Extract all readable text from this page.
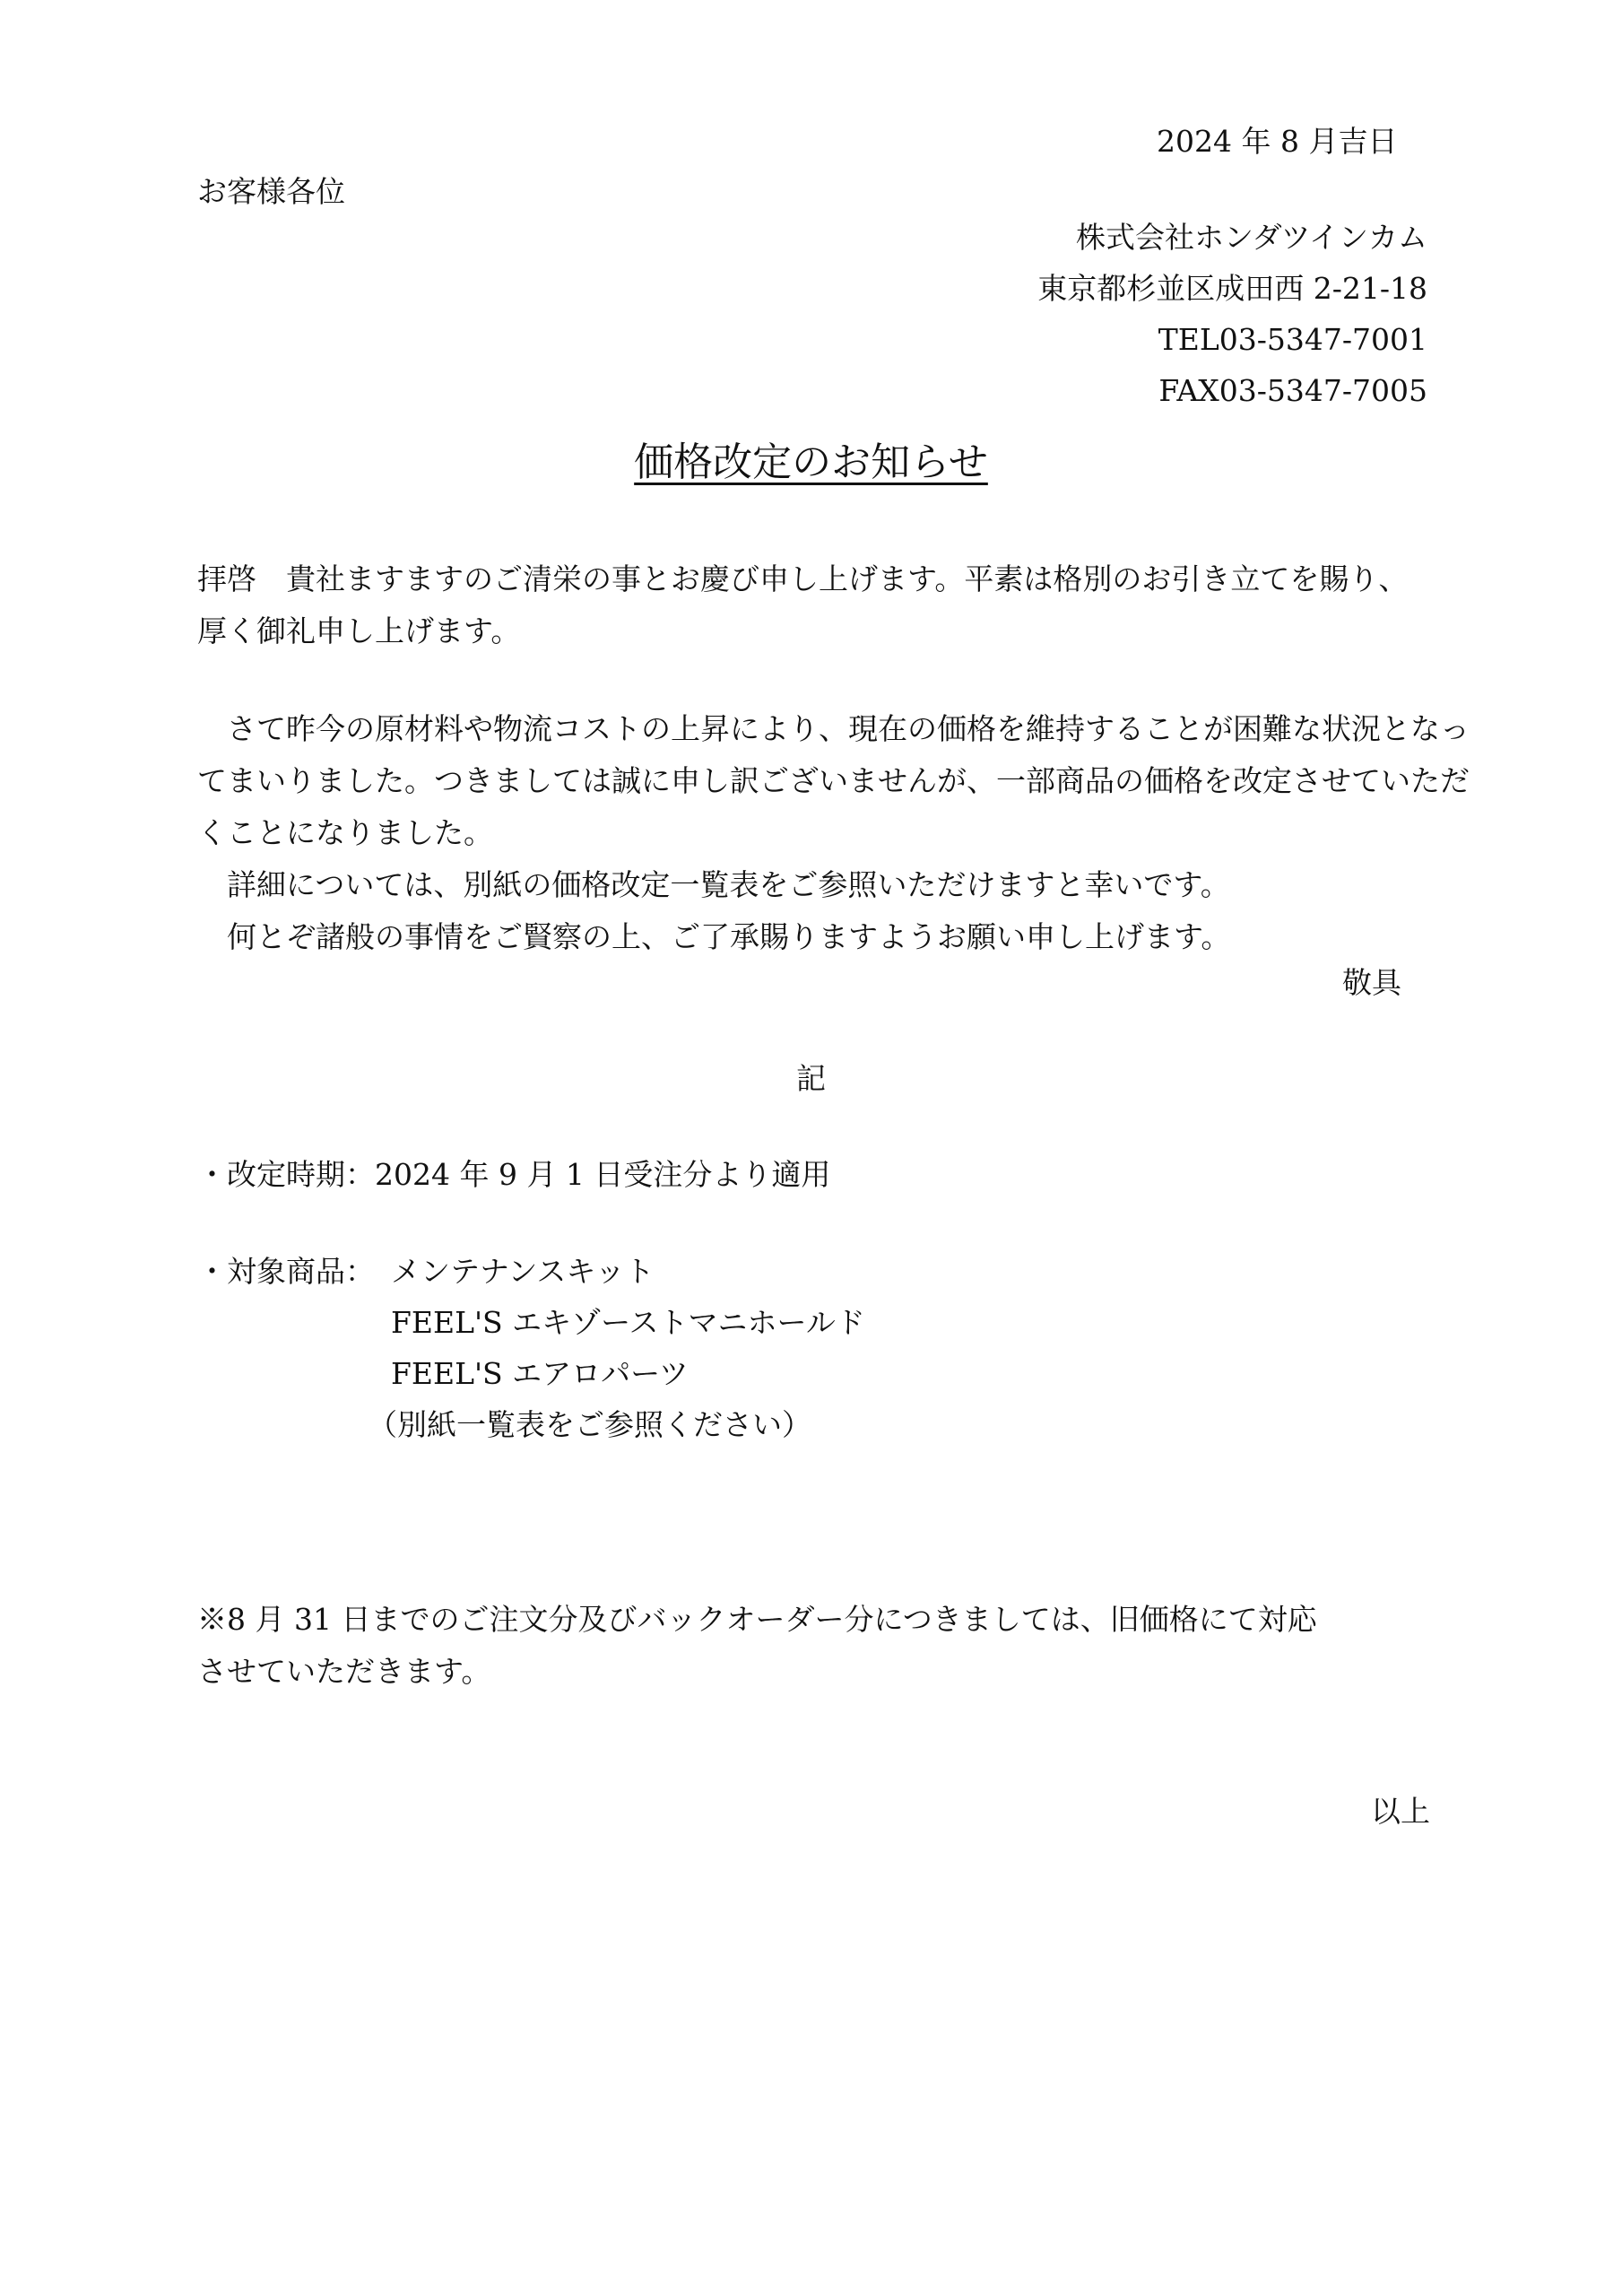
2024 年 8 月吉日
お客様各位
株式会社ホンダツインカム
東京都杉並区成田西 2-21-18
TEL03-5347-7001
FAX03-5347-7005
価格改定のお知らせ
拝啓　貴社ますますのご清栄の事とお慶び申し上げます。平素は格別のお引き立てを賜り、
厚く御礼申し上げます。
さて昨今の原材料や物流コストの上昇により、現在の価格を維持することが困難な状況となっ
てまいりました。つきましては誠に申し訳ございませんが、一部商品の価格を改定させていただ
くことになりました。
詳細については、別紙の価格改定一覧表をご参照いただけますと幸いです。
何とぞ諸般の事情をご賢察の上、ご了承賜りますようお願い申し上げます。
敬具
記
・改定時期：2024 年 9 月 1 日受注分より適用
・対象商品： メンテナンスキット
FEEL'S エキゾーストマニホールド
FEEL'S エアロパーツ
（別紙一覧表をご参照ください）
※8 月 31 日までのご注文分及びバックオーダー分につきましては、旧価格にて対応
させていただきます。
以上
